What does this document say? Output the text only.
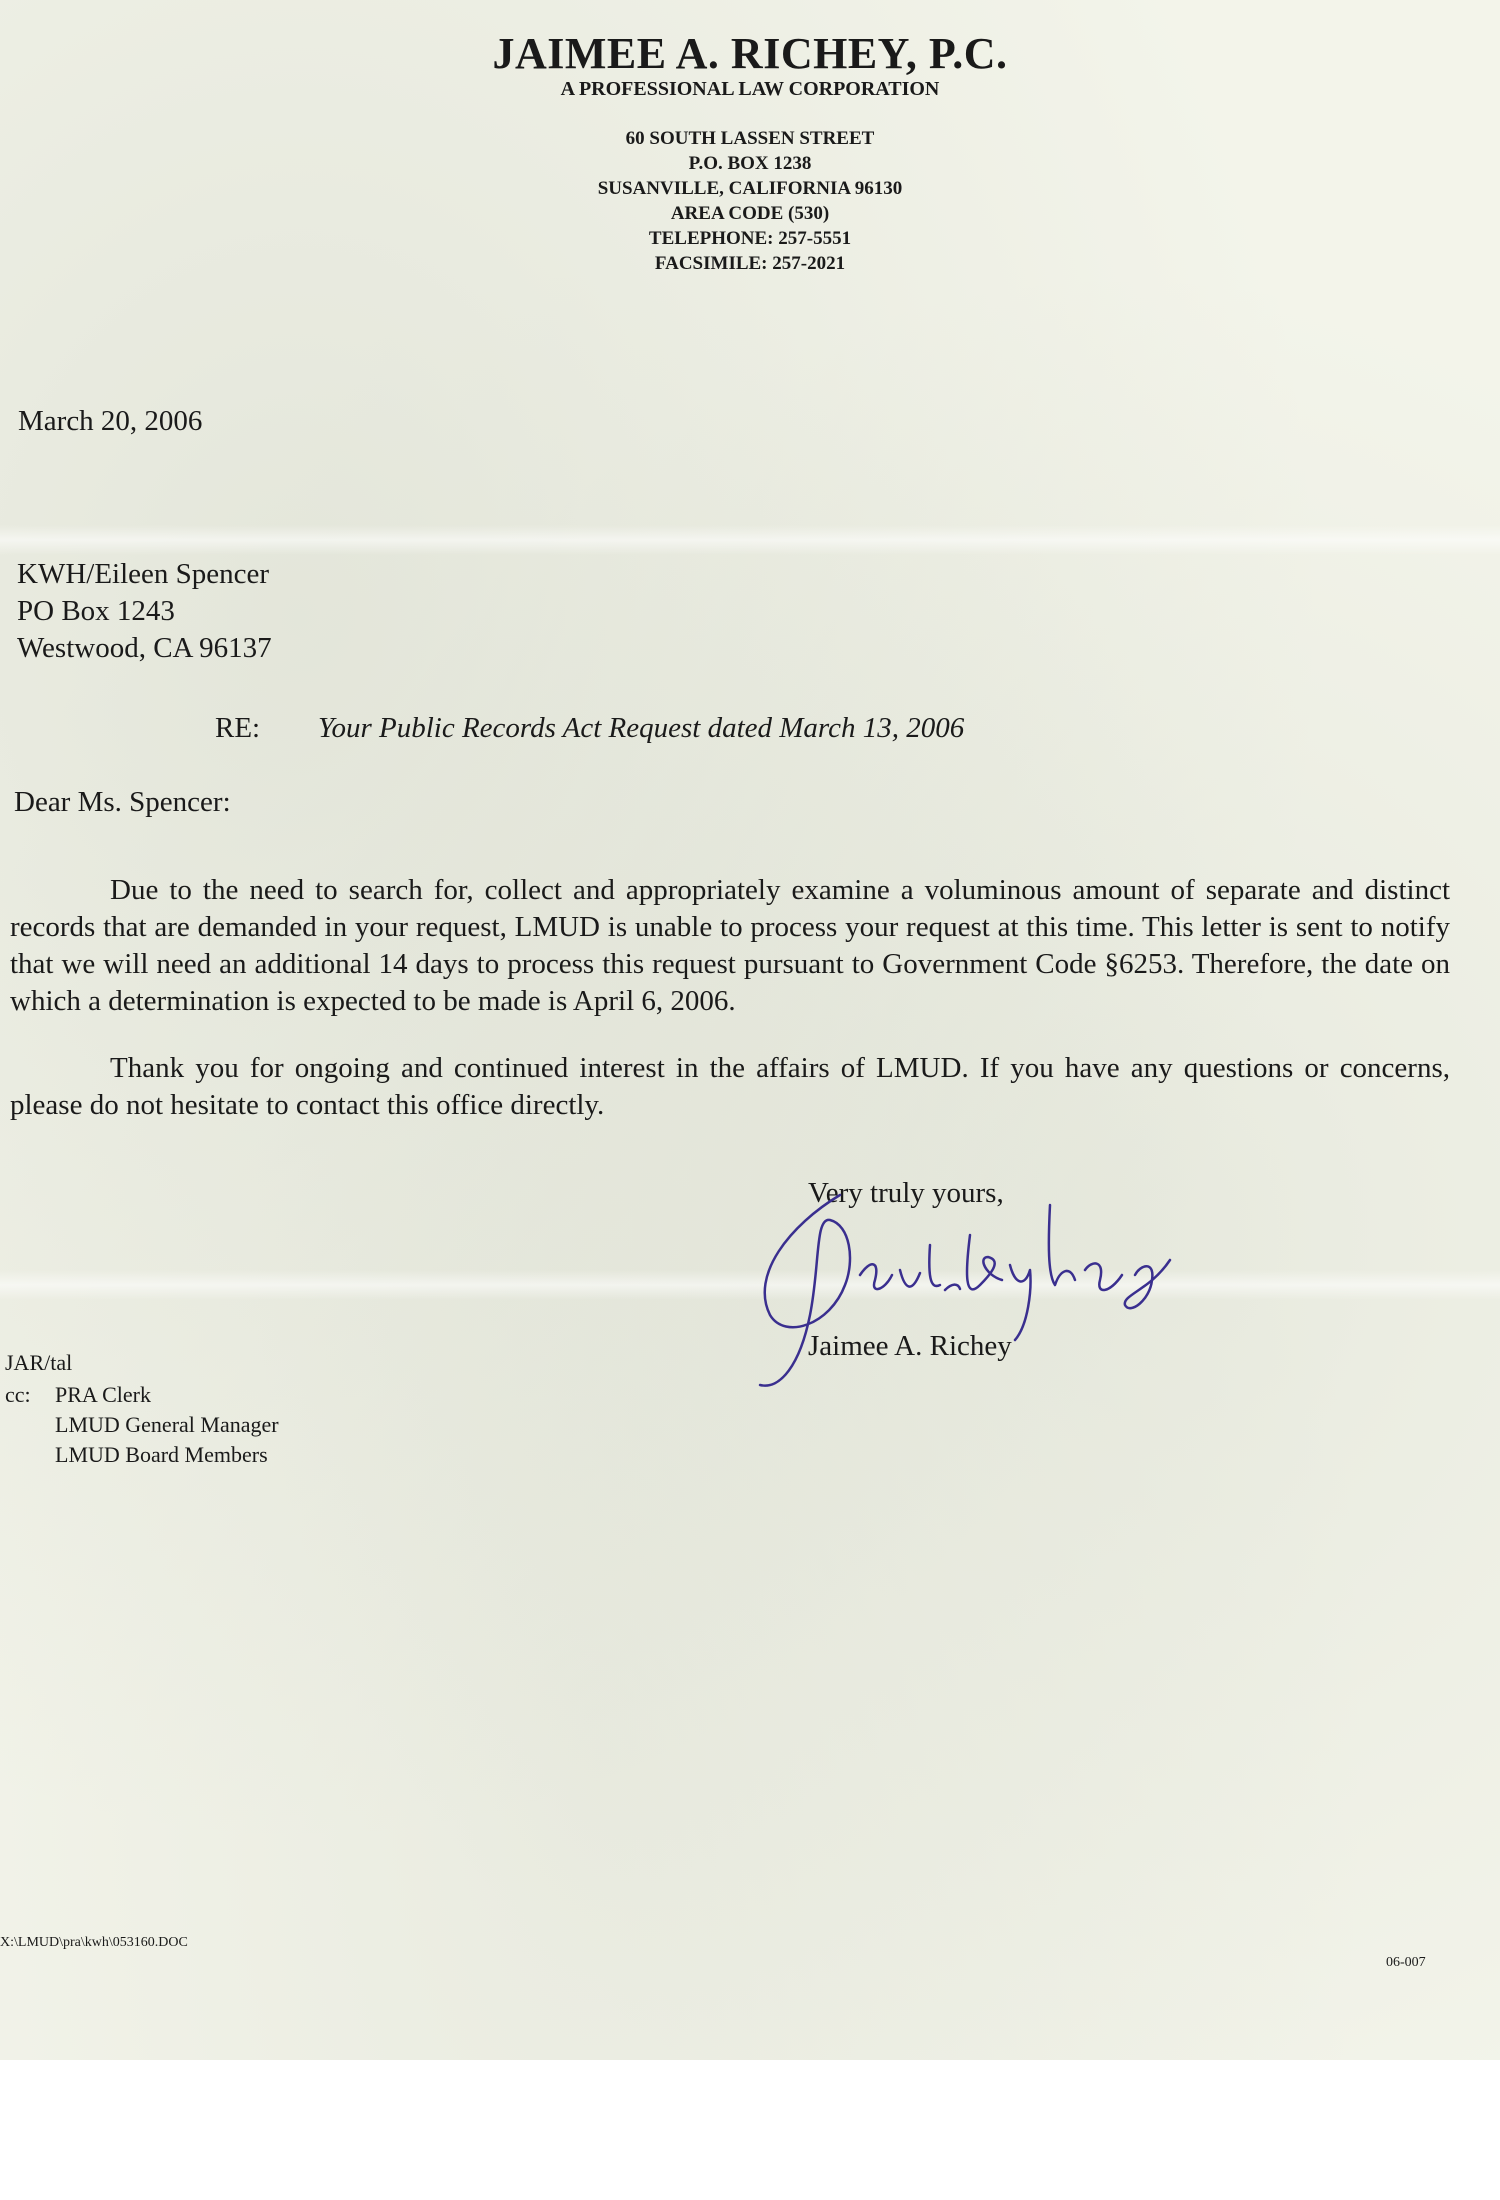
JAIMEE A. RICHEY, P.C.
A PROFESSIONAL LAW CORPORATION
60 SOUTH LASSEN STREET
P.O. BOX 1238
SUSANVILLE, CALIFORNIA 96130
AREA CODE (530)
TELEPHONE: 257-5551
FACSIMILE: 257-2021
March 20, 2006
KWH/Eileen Spencer
PO Box 1243
Westwood, CA 96137
RE: Your Public Records Act Request dated March 13, 2006
Dear Ms. Spencer:

Due to the need to search for, collect and appropriately examine a voluminous amount of separate and distinct records that are demanded in your request, LMUD is unable to process your request at this time. This letter is sent to notify that we will need an additional 14 days to process this request pursuant to Government Code §6253. Therefore, the date on which a determination is expected to be made is April 6, 2006.

Thank you for ongoing and continued interest in the affairs of LMUD. If you have any questions or concerns, please do not hesitate to contact this office directly.

Very truly yours,
Jaimee A. Richey
JAR/tal
cc: PRA Clerk
LMUD General Manager
LMUD Board Members
X:\LMUD\pra\kwh\053160.DOC
06-007
